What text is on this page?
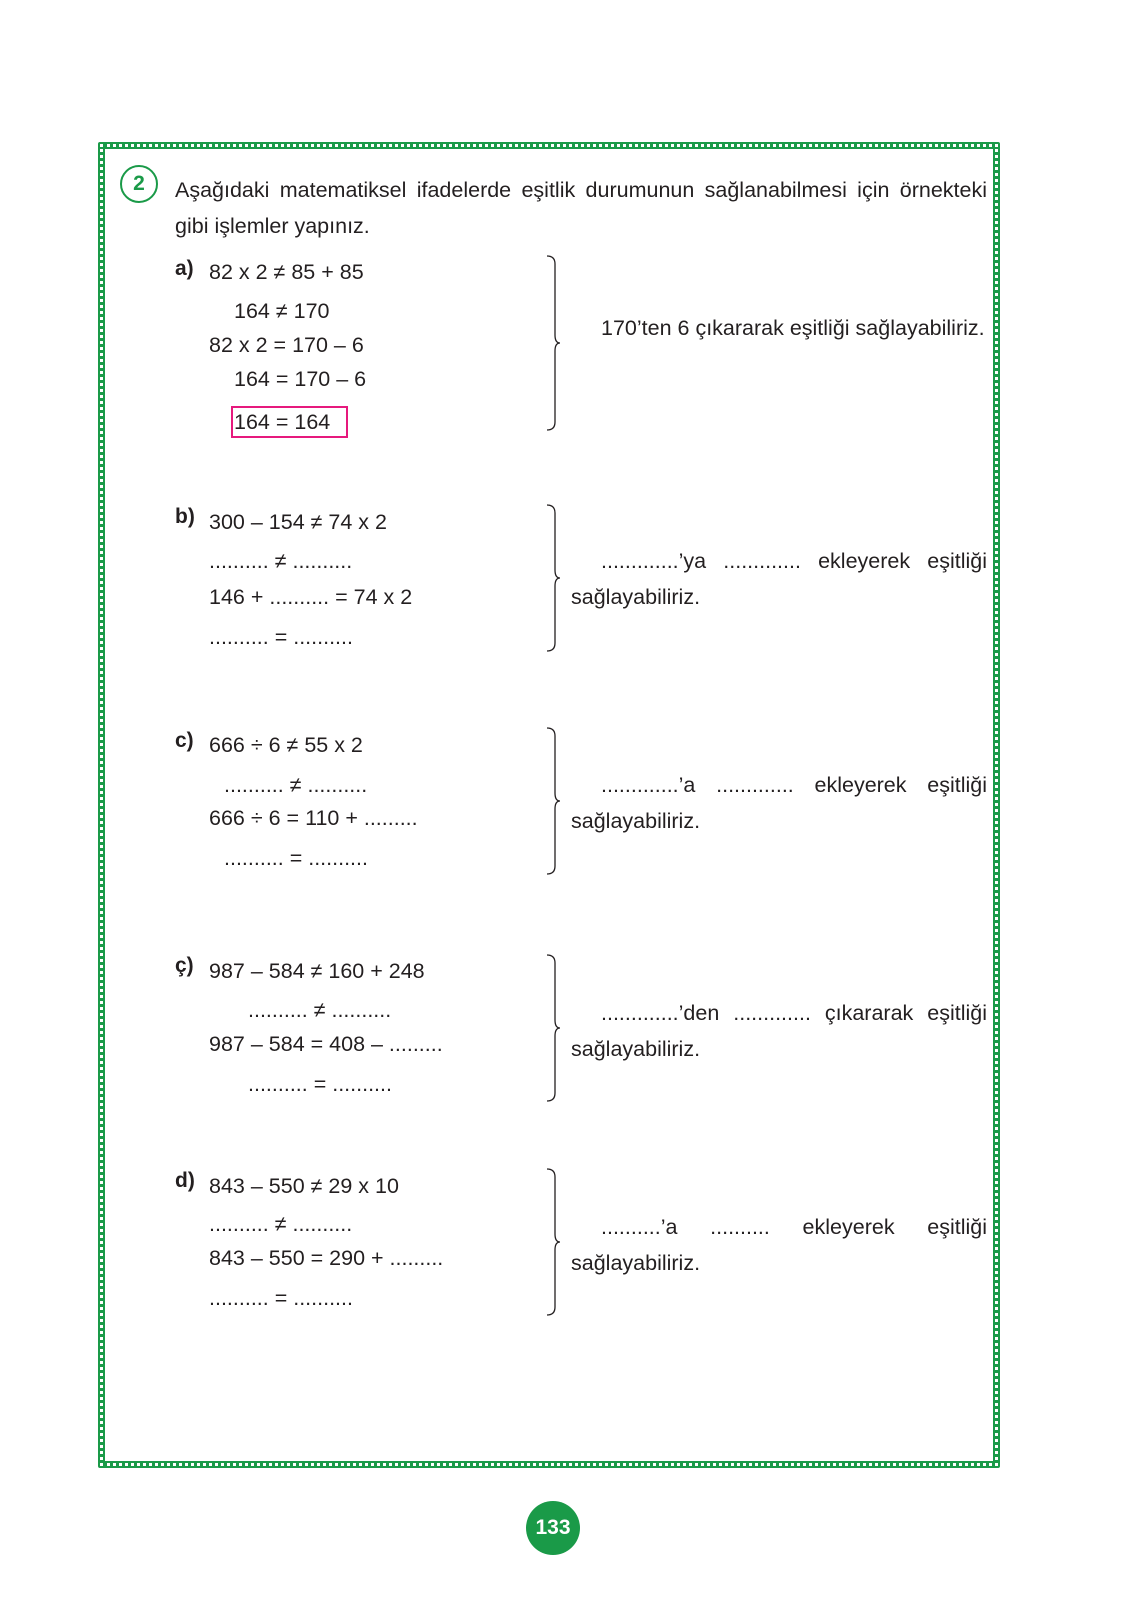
2	Aşağıdaki matematiksel ifadelerde eşitlik durumunun sağlanabilmesi için örnekteki gibi işlemler yapınız.
a) 82 x 2 ≠ 85 + 85
164 ≠ 170
82 x 2 = 170 – 6
164 = 170 – 6
164 = 164
170’ten 6 çıkararak eşitliği sağlayabiliriz.
b) 300 – 154 ≠ 74 x 2
.......... ≠ ..........
146 + .......... = 74 x 2
.......... = ..........
.............’ya ............. ekleyerek eşitliği sağlayabiliriz.
c) 666 ÷ 6 ≠ 55 x 2
.......... ≠ ..........
666 ÷ 6 = 110 + .........
.......... = ..........
.............’a ............. ekleyerek eşitliği sağlayabiliriz.
ç) 987 – 584 ≠ 160 + 248
.......... ≠ ..........
987 – 584 = 408 – .........
.......... = ..........
.............’den ............. çıkararak eşitliği sağlayabiliriz.
d) 843 – 550 ≠ 29 x 10
.......... ≠ ..........
843 – 550 = 290 + .........
.......... = ..........
..........’a .......... ekleyerek eşitliği sağlayabiliriz.
133
